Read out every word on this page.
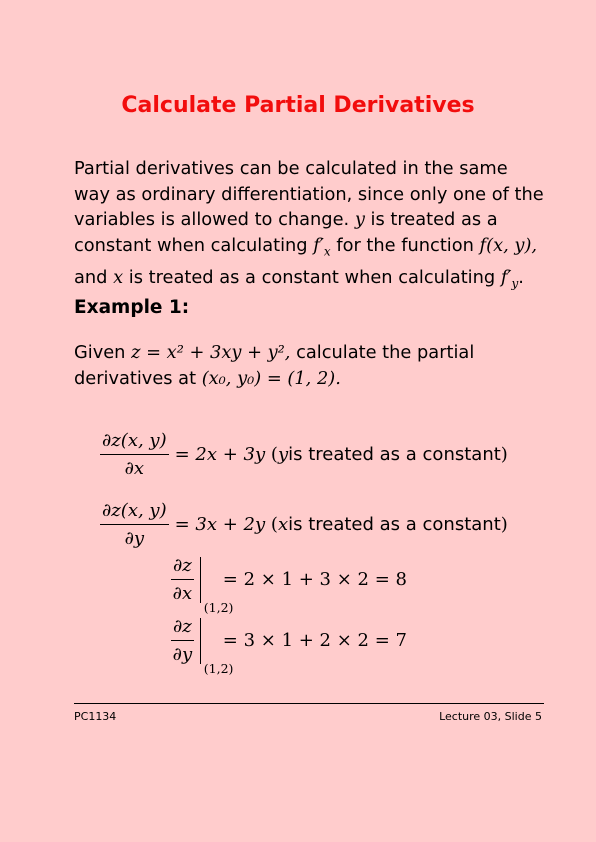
Calculate Partial Derivatives
Partial derivatives can be calculated in the same way as ordinary differentiation, since only one of the variables is allowed to change. y is treated as a constant when calculating $f'_x$ for the function f(x, y), and x is treated as a constant when calculating $f'_y$.
Example 1:
Given z = x² + 3xy + y², calculate the partial derivatives at (x₀, y₀) = (1, 2).
$\frac{\partial z(x, y)}{\partial x} = 2x + 3y$
( y is treated as a constant )
$\frac{\partial z(x, y)}{\partial y} = 3x + 2y$
( x is treated as a constant )
$\frac{\partial z}{\partial x}$
(1,2)
= 2 × 1 + 3 × 2 = 8
$\frac{\partial z}{\partial y}$
(1,2)
= 3 × 1 + 2 × 2 = 7
PC1134	Lecture 03, Slide 5
